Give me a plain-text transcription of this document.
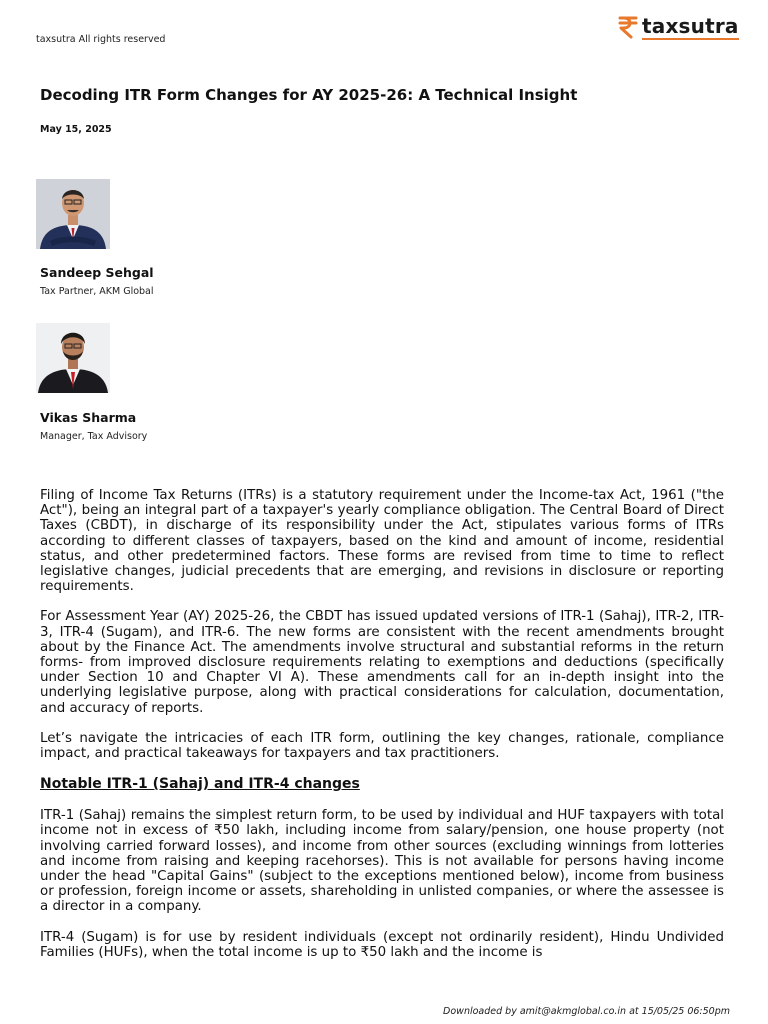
taxsutra All rights reserved
taxsutra
Decoding ITR Form Changes for AY 2025-26: A Technical Insight
May 15, 2025
Sandeep Sehgal
Tax Partner, AKM Global
Vikas Sharma
Manager, Tax Advisory

Filing of Income Tax Returns (ITRs) is a statutory requirement under the Income-tax Act, 1961 ("the Act"), being an integral part of a taxpayer's yearly compliance obligation. The Central Board of Direct Taxes (CBDT), in discharge of its responsibility under the Act, stipulates various forms of ITRs according to different classes of taxpayers, based on the kind and amount of income, residential status, and other predetermined factors. These forms are revised from time to time to reflect legislative changes, judicial precedents that are emerging, and revisions in disclosure or reporting requirements.

For Assessment Year (AY) 2025-26, the CBDT has issued updated versions of ITR-1 (Sahaj), ITR-2, ITR-3, ITR-4 (Sugam), and ITR-6. The new forms are consistent with the recent amendments brought about by the Finance Act. The amendments involve structural and substantial reforms in the return forms- from improved disclosure requirements relating to exemptions and deductions (specifically under Section 10 and Chapter VI A). These amendments call for an in-depth insight into the underlying legislative purpose, along with practical considerations for calculation, documentation, and accuracy of reports.

Let’s navigate the intricacies of each ITR form, outlining the key changes, rationale, compliance impact, and practical takeaways for taxpayers and tax practitioners.

Notable ITR-1 (Sahaj) and ITR-4 changes

ITR-1 (Sahaj) remains the simplest return form, to be used by individual and HUF taxpayers with total income not in excess of ₹50 lakh, including income from salary/pension, one house property (not involving carried forward losses), and income from other sources (excluding winnings from lotteries and income from raising and keeping racehorses). This is not available for persons having income under the head "Capital Gains" (subject to the exceptions mentioned below), income from business or profession, foreign income or assets, shareholding in unlisted companies, or where the assessee is a director in a company.

ITR-4 (Sugam) is for use by resident individuals (except not ordinarily resident), Hindu Undivided Families (HUFs), when the total income is up to ₹50 lakh and the income is

Downloaded by amit@akmglobal.co.in at 15/05/25 06:50pm
